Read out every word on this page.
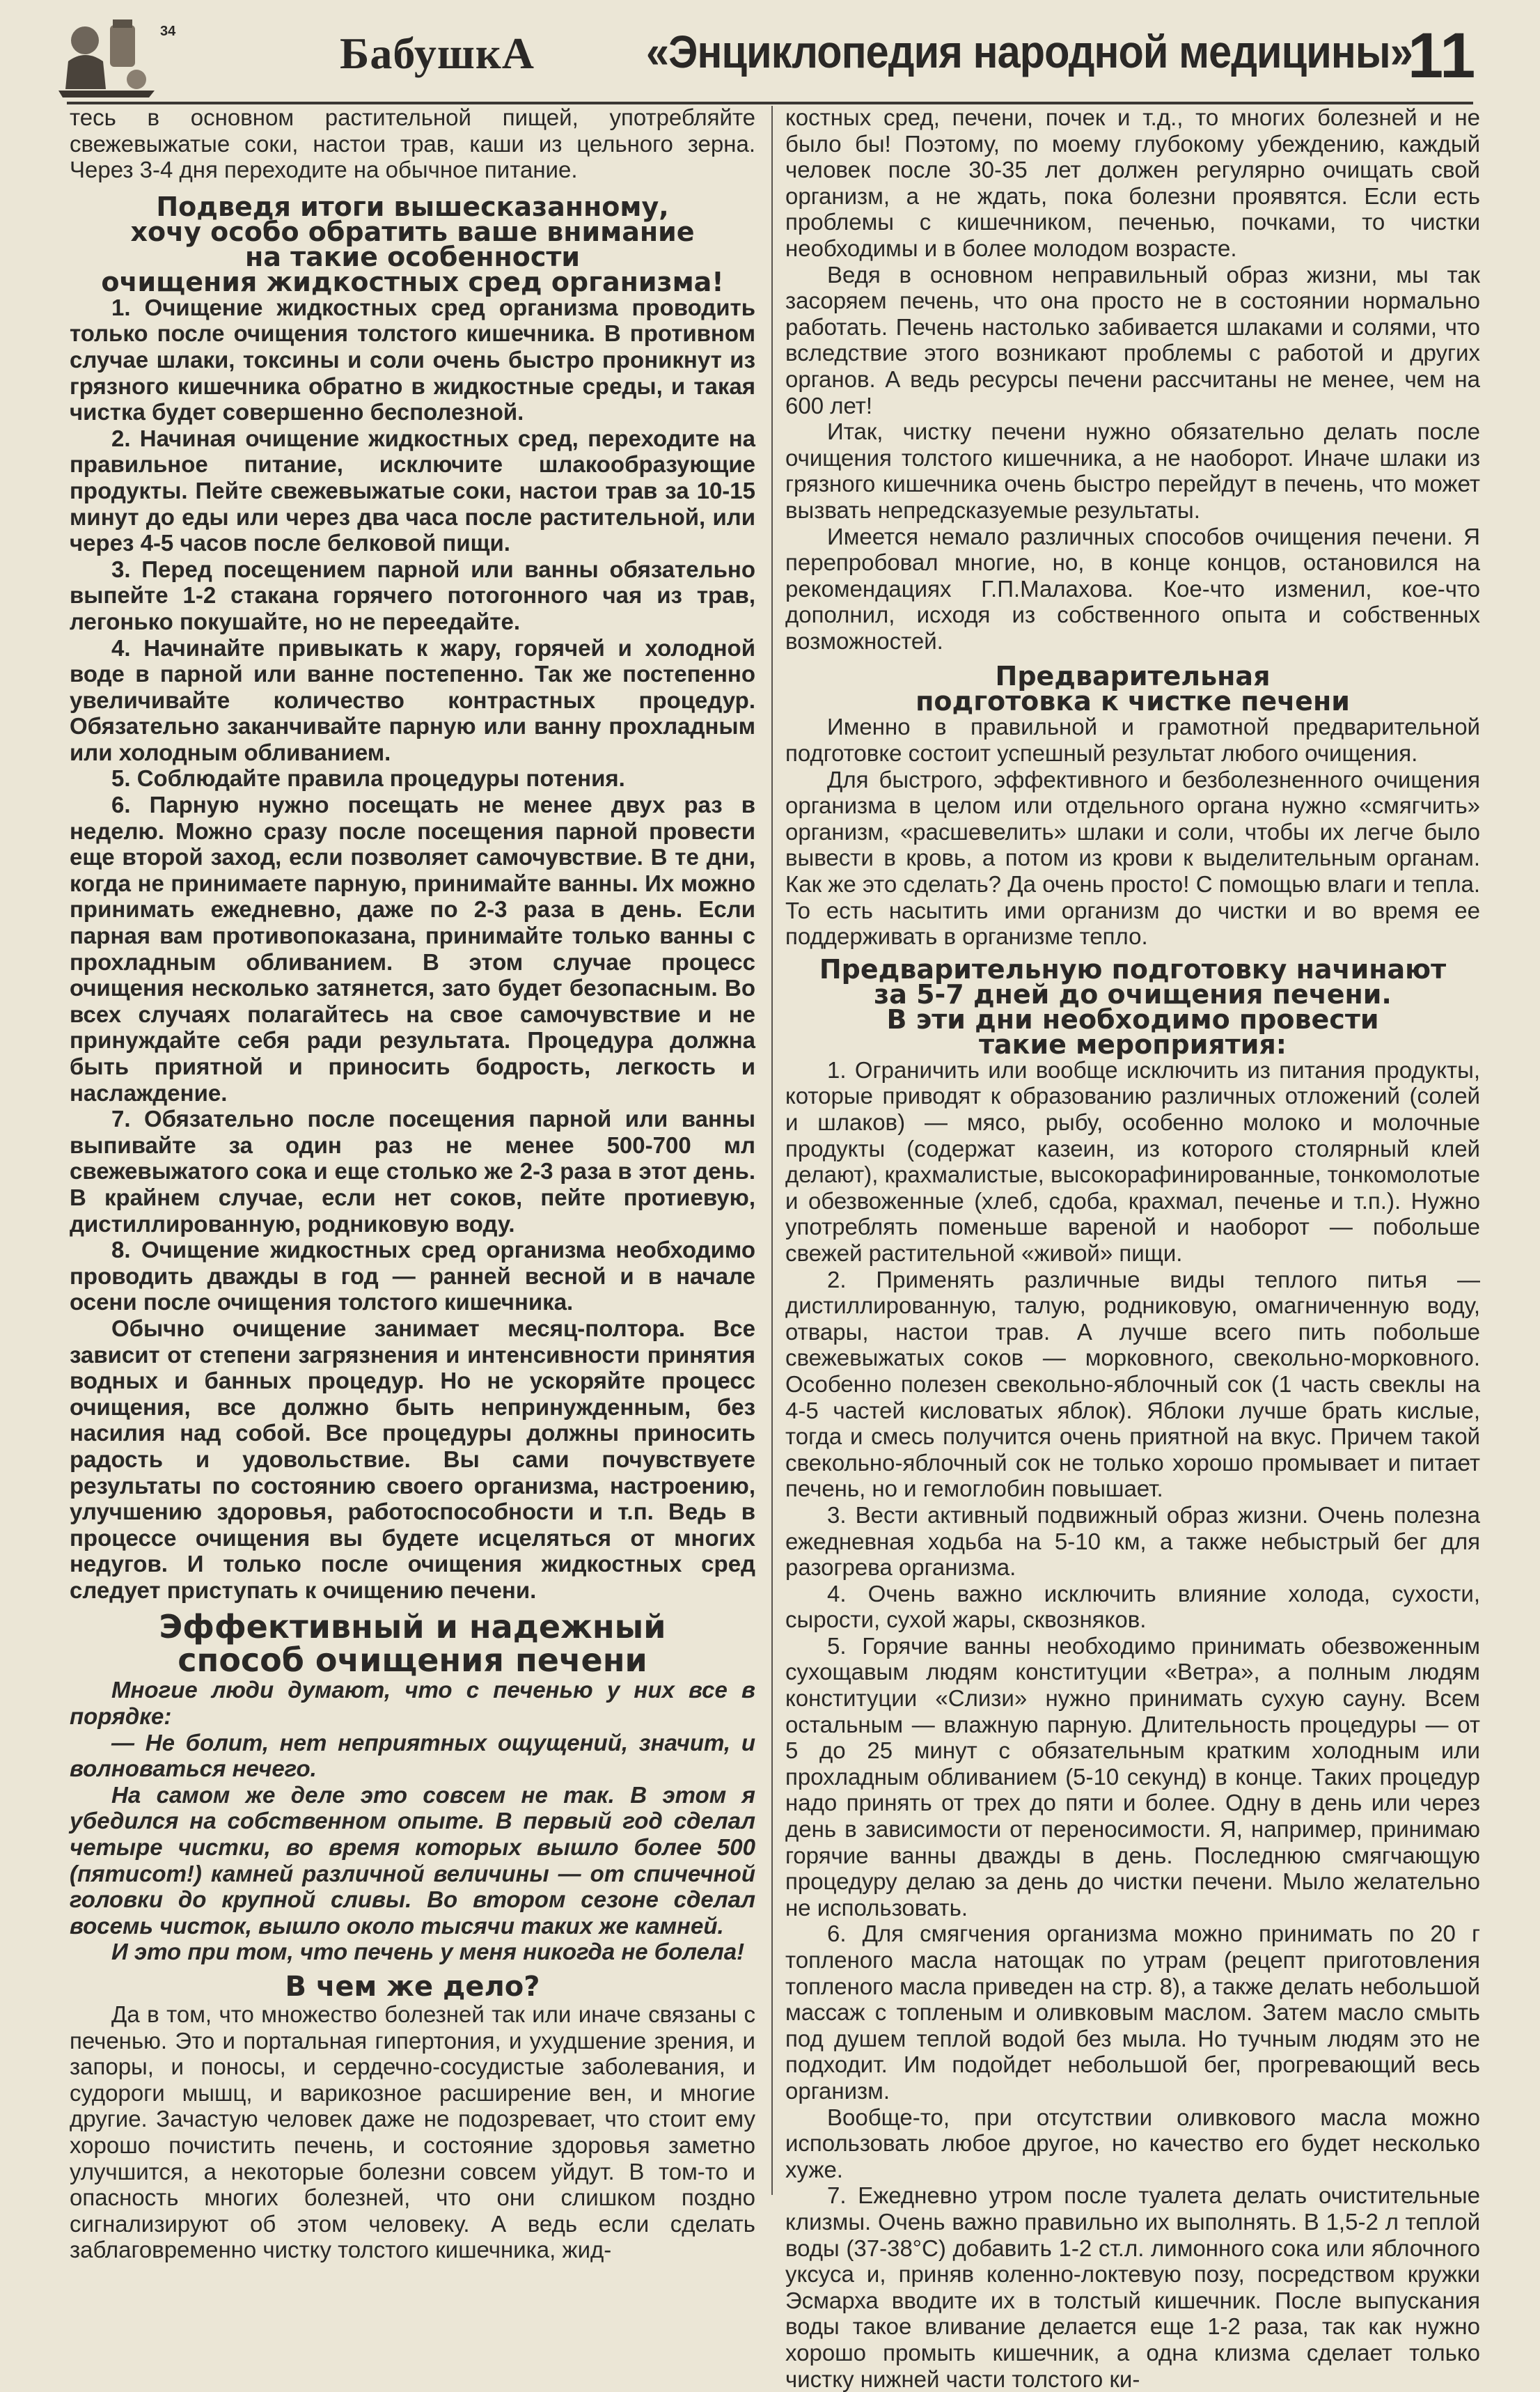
34	БабушкА «Энциклопедия народной медицины»
11

тесь в основном растительной пищей, употребляйте свежевыжатые соки, настои трав, каши из цельного зерна. Через 3-4 дня переходите на обычное питание.

Подведя итоги вышесказанному,
хочу особо обратить ваше внимание
на такие особенности
очищения жидкостных сред организма!

1. Очищение жидкостных сред организма проводить только после очищения толстого кишечника. В противном случае шлаки, токсины и соли очень быстро проникнут из грязного кишечника обратно в жидкостные среды, и такая чистка будет совершенно бесполезной.

2. Начиная очищение жидкостных сред, переходите на правильное питание, исключите шлакообразующие продукты. Пейте свежевыжатые соки, настои трав за 10-15 минут до еды или через два часа после растительной, или через 4-5 часов после белковой пищи.

3. Перед посещением парной или ванны обязательно выпейте 1-2 стакана горячего потогонного чая из трав, легонько покушайте, но не переедайте.

4. Начинайте привыкать к жару, горячей и холодной воде в парной или ванне постепенно. Так же постепенно увеличивайте количество контрастных процедур. Обязательно заканчивайте парную или ванну прохладным или холодным обливанием.

5. Соблюдайте правила процедуры потения.

6. Парную нужно посещать не менее двух раз в неделю. Можно сразу после посещения парной провести еще второй заход, если позволяет самочувствие. В те дни, когда не принимаете парную, принимайте ванны. Их можно принимать ежедневно, даже по 2-3 раза в день. Если парная вам противопоказана, принимайте только ванны с прохладным обливанием. В этом случае процесс очищения несколько затянется, зато будет безопасным. Во всех случаях полагайтесь на свое самочувствие и не принуждайте себя ради результата. Процедура должна быть приятной и приносить бодрость, легкость и наслаждение.

7. Обязательно после посещения парной или ванны выпивайте за один раз не менее 500-700 мл свежевыжатого сока и еще столько же 2-3 раза в этот день. В крайнем случае, если нет соков, пейте протиевую, дистиллированную, родниковую воду.

8. Очищение жидкостных сред организма необходимо проводить дважды в год — ранней весной и в начале осени после очищения толстого кишечника.

Обычно очищение занимает месяц-полтора. Все зависит от степени загрязнения и интенсивности принятия водных и банных процедур. Но не ускоряйте процесс очищения, все должно быть непринужденным, без насилия над собой. Все процедуры должны приносить радость и удовольствие. Вы сами почувствуете результаты по состоянию своего организма, настроению, улучшению здоровья, работоспособности и т.п. Ведь в процессе очищения вы будете исцеляться от многих недугов. И только после очищения жидкостных сред следует приступать к очищению печени.

Эффективный и надежный
способ очищения печени

Многие люди думают, что с печенью у них все в порядке:

— Не болит, нет неприятных ощущений, значит, и волноваться нечего.

На самом же деле это совсем не так. В этом я убедился на собственном опыте. В первый год сделал четыре чистки, во время которых вышло более 500 (пятисот!) камней различной величины — от спичечной головки до крупной сливы. Во втором сезоне сделал восемь чисток, вышло около тысячи таких же камней.

И это при том, что печень у меня никогда не болела!

В чем же дело?

Да в том, что множество болезней так или иначе связаны с печенью. Это и портальная гипертония, и ухудшение зрения, и запоры, и поносы, и сердечно-сосудистые заболевания, и судороги мышц, и варикозное расширение вен, и многие другие. Зачастую человек даже не подозревает, что стоит ему хорошо почистить печень, и состояние здоровья заметно улучшится, а некоторые болезни совсем уйдут. В том-то и опасность многих болезней, что они слишком поздно сигнализируют об этом человеку. А ведь если сделать заблаговременно чистку толстого кишечника, жид-

костных сред, печени, почек и т.д., то многих болезней и не было бы! Поэтому, по моему глубокому убеждению, каждый человек после 30-35 лет должен регулярно очищать свой организм, а не ждать, пока болезни проявятся. Если есть проблемы с кишечником, печенью, почками, то чистки необходимы и в более молодом возрасте.

Ведя в основном неправильный образ жизни, мы так засоряем печень, что она просто не в состоянии нормально работать. Печень настолько забивается шлаками и солями, что вследствие этого возникают проблемы с работой и других органов. А ведь ресурсы печени рассчитаны не менее, чем на 600 лет!

Итак, чистку печени нужно обязательно делать после очищения толстого кишечника, а не наоборот. Иначе шлаки из грязного кишечника очень быстро перейдут в печень, что может вызвать непредсказуемые результаты.

Имеется немало различных способов очищения печени. Я перепробовал многие, но, в конце концов, остановился на рекомендациях Г.П.Малахова. Кое-что изменил, кое-что дополнил, исходя из собственного опыта и собственных возможностей.

Предварительная
подготовка к чистке печени

Именно в правильной и грамотной предварительной подготовке состоит успешный результат любого очищения.

Для быстрого, эффективного и безболезненного очищения организма в целом или отдельного органа нужно «смягчить» организм, «расшевелить» шлаки и соли, чтобы их легче было вывести в кровь, а потом из крови к выделительным органам. Как же это сделать? Да очень просто! С помощью влаги и тепла. То есть насытить ими организм до чистки и во время ее поддерживать в организме тепло.

Предварительную подготовку начинают
за 5-7 дней до очищения печени.
В эти дни необходимо провести
такие мероприятия:

1. Ограничить или вообще исключить из питания продукты, которые приводят к образованию различных отложений (солей и шлаков) — мясо, рыбу, особенно молоко и молочные продукты (содержат казеин, из которого столярный клей делают), крахмалистые, высокорафинированные, тонкомолотые и обезвоженные (хлеб, сдоба, крахмал, печенье и т.п.). Нужно употреблять поменьше вареной и наоборот — побольше свежей растительной «живой» пищи.

2. Применять различные виды теплого питья — дистиллированную, талую, родниковую, омагниченную воду, отвары, настои трав. А лучше всего пить побольше свежевыжатых соков — морковного, свекольно-морковного. Особенно полезен свекольно-яблочный сок (1 часть свеклы на 4-5 частей кисловатых яблок). Яблоки лучше брать кислые, тогда и смесь получится очень приятной на вкус. Причем такой свекольно-яблочный сок не только хорошо промывает и питает печень, но и гемоглобин повышает.

3. Вести активный подвижный образ жизни. Очень полезна ежедневная ходьба на 5-10 км, а также небыстрый бег для разогрева организма.

4. Очень важно исключить влияние холода, сухости, сырости, сухой жары, сквозняков.

5. Горячие ванны необходимо принимать обезвоженным сухощавым людям конституции «Ветра», а полным людям конституции «Слизи» нужно принимать сухую сауну. Всем остальным — влажную парную. Длительность процедуры — от 5 до 25 минут с обязательным кратким холодным или прохладным обливанием (5-10 секунд) в конце. Таких процедур надо принять от трех до пяти и более. Одну в день или через день в зависимости от переносимости. Я, например, принимаю горячие ванны дважды в день. Последнюю смягчающую процедуру делаю за день до чистки печени. Мыло желательно не использовать.

6. Для смягчения организма можно принимать по 20 г топленого масла натощак по утрам (рецепт приготовления топленого масла приведен на стр. 8), а также делать небольшой массаж с топленым и оливковым маслом. Затем масло смыть под душем теплой водой без мыла. Но тучным людям это не подходит. Им подойдет небольшой бег, прогревающий весь организм.

Вообще-то, при отсутствии оливкового масла можно использовать любое другое, но качество его будет несколько хуже.

7. Ежедневно утром после туалета делать очистительные клизмы. Очень важно правильно их выполнять. В 1,5-2 л теплой воды (37-38°С) добавить 1-2 ст.л. лимонного сока или яблочного уксуса и, приняв коленно-локтевую позу, посредством кружки Эсмарха вводите их в толстый кишечник. После выпускания воды такое вливание делается еще 1-2 раза, так как нужно хорошо промыть кишечник, а одна клизма сделает только чистку нижней части толстого ки-
